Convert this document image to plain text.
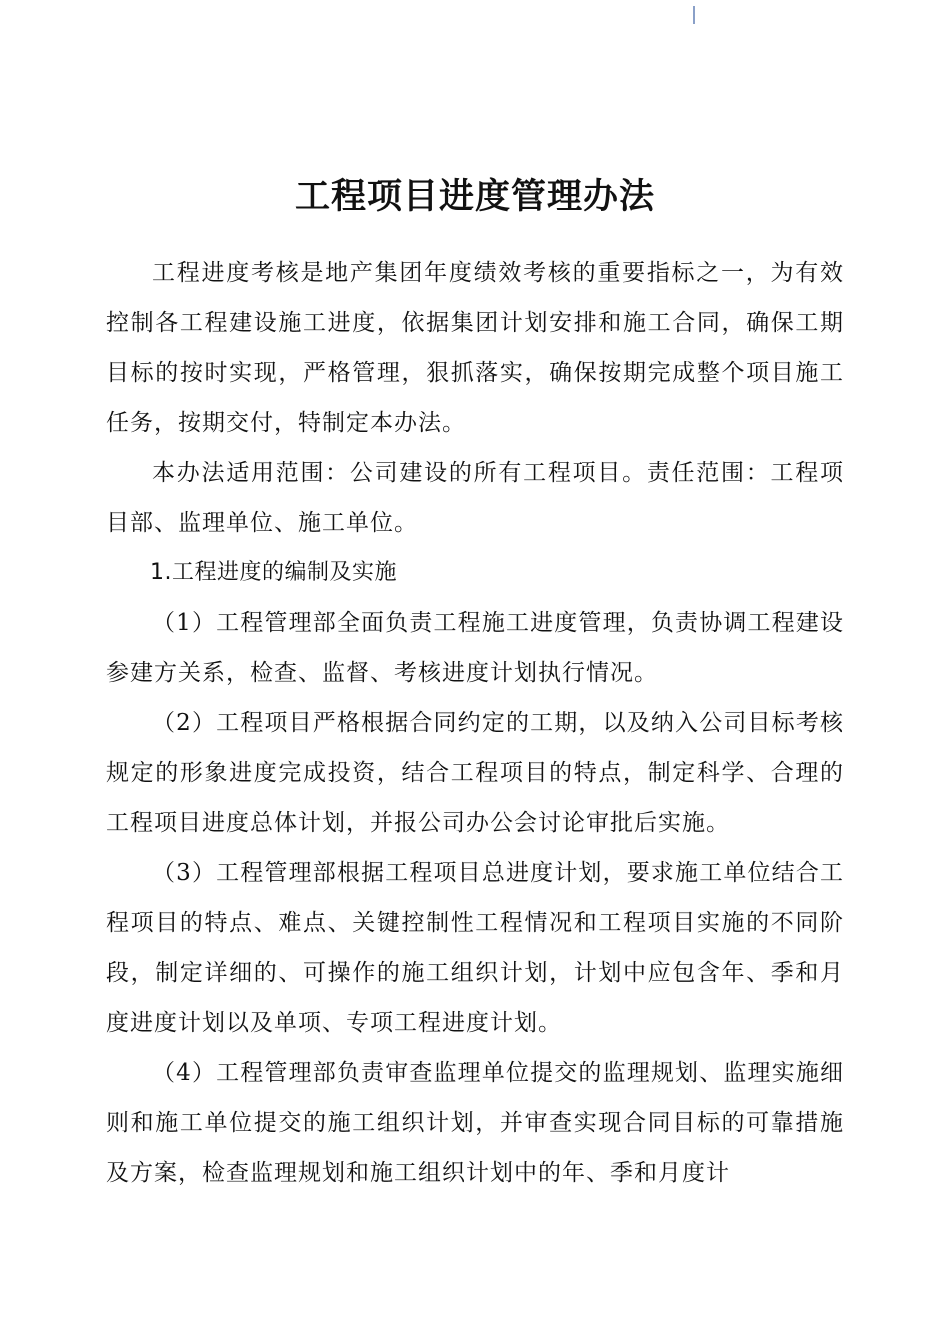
工程项目进度管理办法

工程进度考核是地产集团年度绩效考核的重要指标之一，为有效控制各工程建设施工进度，依据集团计划安排和施工合同，确保工期目标的按时实现，严格管理，狠抓落实，确保按期完成整个项目施工任务，按期交付，特制定本办法。

本办法适用范围：公司建设的所有工程项目。责任范围：工程项目部、监理单位、施工单位。

1.工程进度的编制及实施

（1）工程管理部全面负责工程施工进度管理，负责协调工程建设参建方关系，检查、监督、考核进度计划执行情况。

（2）工程项目严格根据合同约定的工期，以及纳入公司目标考核规定的形象进度完成投资，结合工程项目的特点，制定科学、合理的工程项目进度总体计划，并报公司办公会讨论审批后实施。

（3）工程管理部根据工程项目总进度计划，要求施工单位结合工程项目的特点、难点、关键控制性工程情况和工程项目实施的不同阶段，制定详细的、可操作的施工组织计划，计划中应包含年、季和月度进度计划以及单项、专项工程进度计划。

（4）工程管理部负责审查监理单位提交的监理规划、监理实施细则和施工单位提交的施工组织计划，并审查实现合同目标的可靠措施及方案，检查监理规划和施工组织计划中的年、季和月度计
